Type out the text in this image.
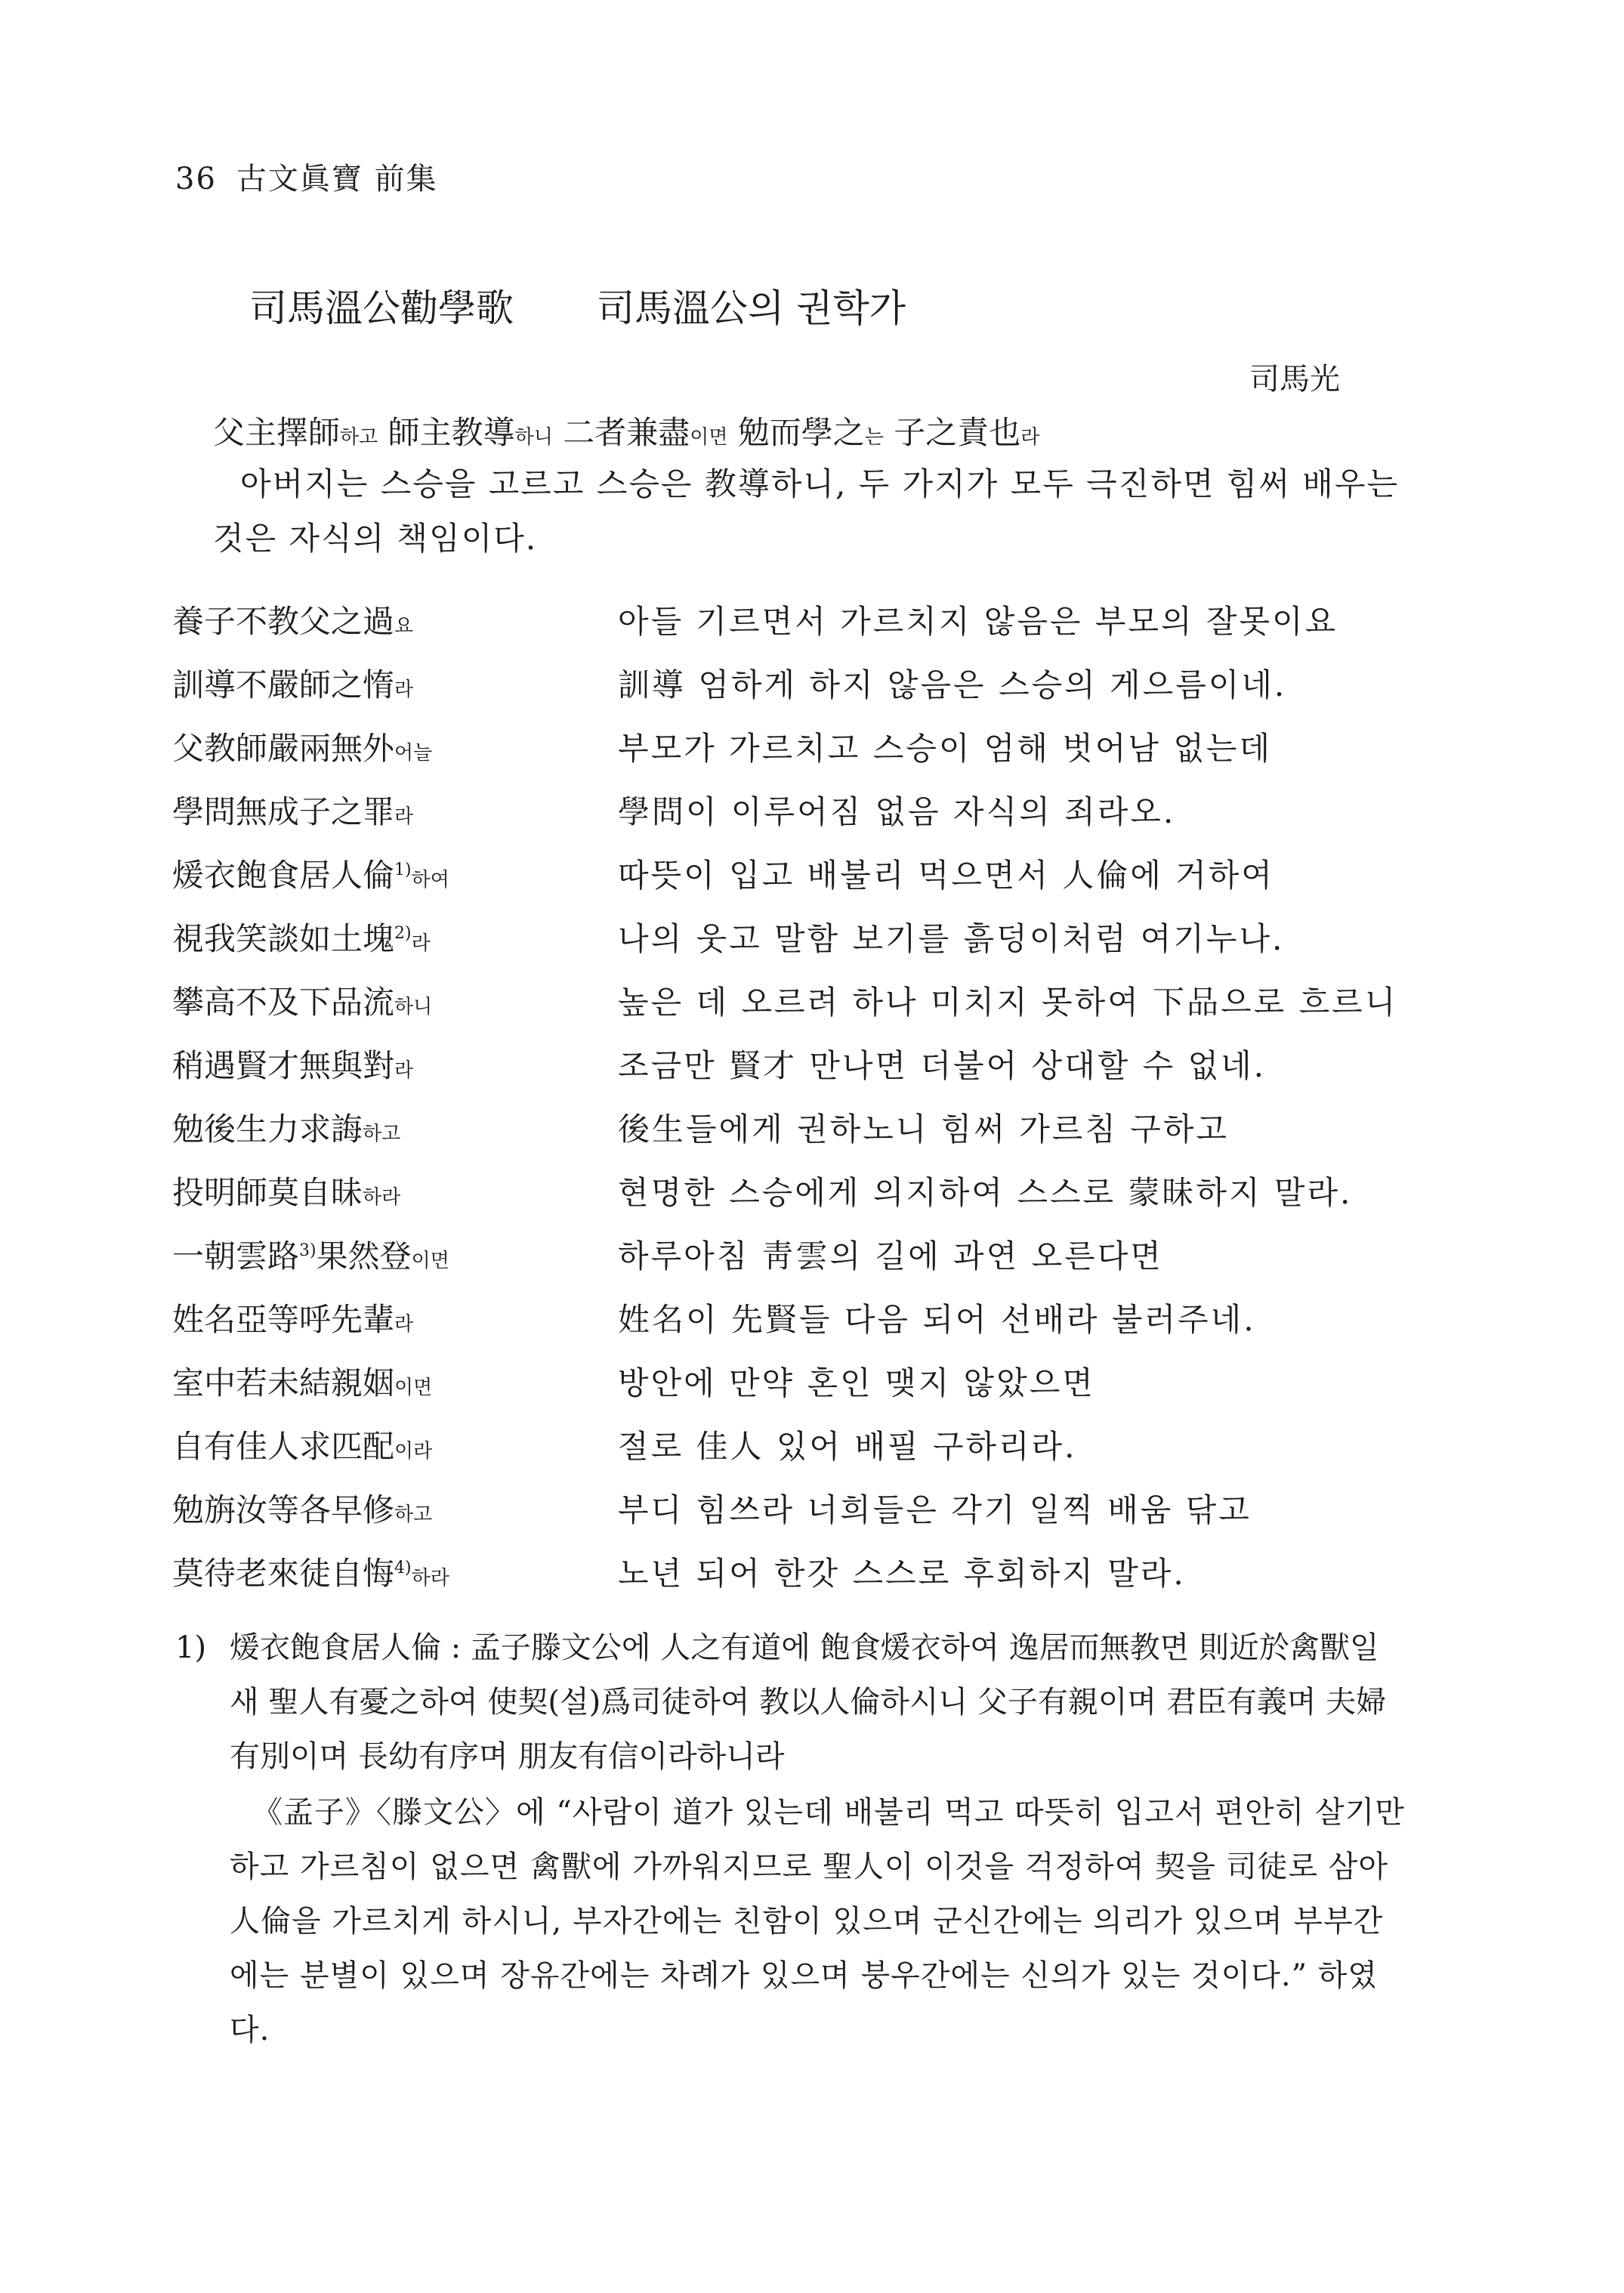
36 古文眞寶 前集
司馬溫公勸學歌 司馬溫公의 권학가
司馬光
父主擇師하고 師主教導하니 二者兼盡이면 勉而學之는 子之責也라
아버지는 스승을 고르고 스승은 教導하니, 두 가지가 모두 극진하면 힘써 배우는 것은 자식의 책임이다.
養子不教父之過요	아들 기르면서 가르치지 않음은 부모의 잘못이요
訓導不嚴師之惰라	訓導 엄하게 하지 않음은 스승의 게으름이네.
父教師嚴兩無外어늘	부모가 가르치고 스승이 엄해 벗어남 없는데
學問無成子之罪라	學問이 이루어짐 없음 자식의 죄라오.
煖衣飽食居人倫$^{1)}$하여	따뜻이 입고 배불리 먹으면서 人倫에 거하여
視我笑談如土塊$^{2)}$라	나의 웃고 말함 보기를 흙덩이처럼 여기누나.
攀高不及下品流하니	높은 데 오르려 하나 미치지 못하여 下品으로 흐르니
稍遇賢才無與對라	조금만 賢才 만나면 더불어 상대할 수 없네.
勉後生力求誨하고	後生들에게 권하노니 힘써 가르침 구하고
投明師莫自昧하라	현명한 스승에게 의지하여 스스로 蒙昧하지 말라.
一朝雲路$^{3)}$果然登이면	하루아침 靑雲의 길에 과연 오른다면
姓名亞等呼先輩라	姓名이 先賢들 다음 되어 선배라 불러주네.
室中若未結親姻이면	방안에 만약 혼인 맺지 않았으면
自有佳人求匹配이라	절로 佳人 있어 배필 구하리라.
勉旃汝等各早修하고	부디 힘쓰라 너희들은 각기 일찍 배움 닦고
莫待老來徒自悔$^{4)}$하라	노년 되어 한갓 스스로 후회하지 말라.
1) 煖衣飽食居人倫 : 孟子滕文公에 人之有道에 飽食煖衣하여 逸居而無教면 則近於禽獸일새 聖人有憂之하여 使契(설)爲司徒하여 教以人倫하시니 父子有親이며 君臣有義며 夫婦有別이며 長幼有序며 朋友有信이라하니라
《孟子》〈滕文公〉에 “사람이 道가 있는데 배불리 먹고 따뜻히 입고서 편안히 살기만 하고 가르침이 없으면 禽獸에 가까워지므로 聖人이 이것을 걱정하여 契을 司徒로 삼아 人倫을 가르치게 하시니, 부자간에는 친함이 있으며 군신간에는 의리가 있으며 부부간에는 분별이 있으며 장유간에는 차례가 있으며 붕우간에는 신의가 있는 것이다.” 하였다.
